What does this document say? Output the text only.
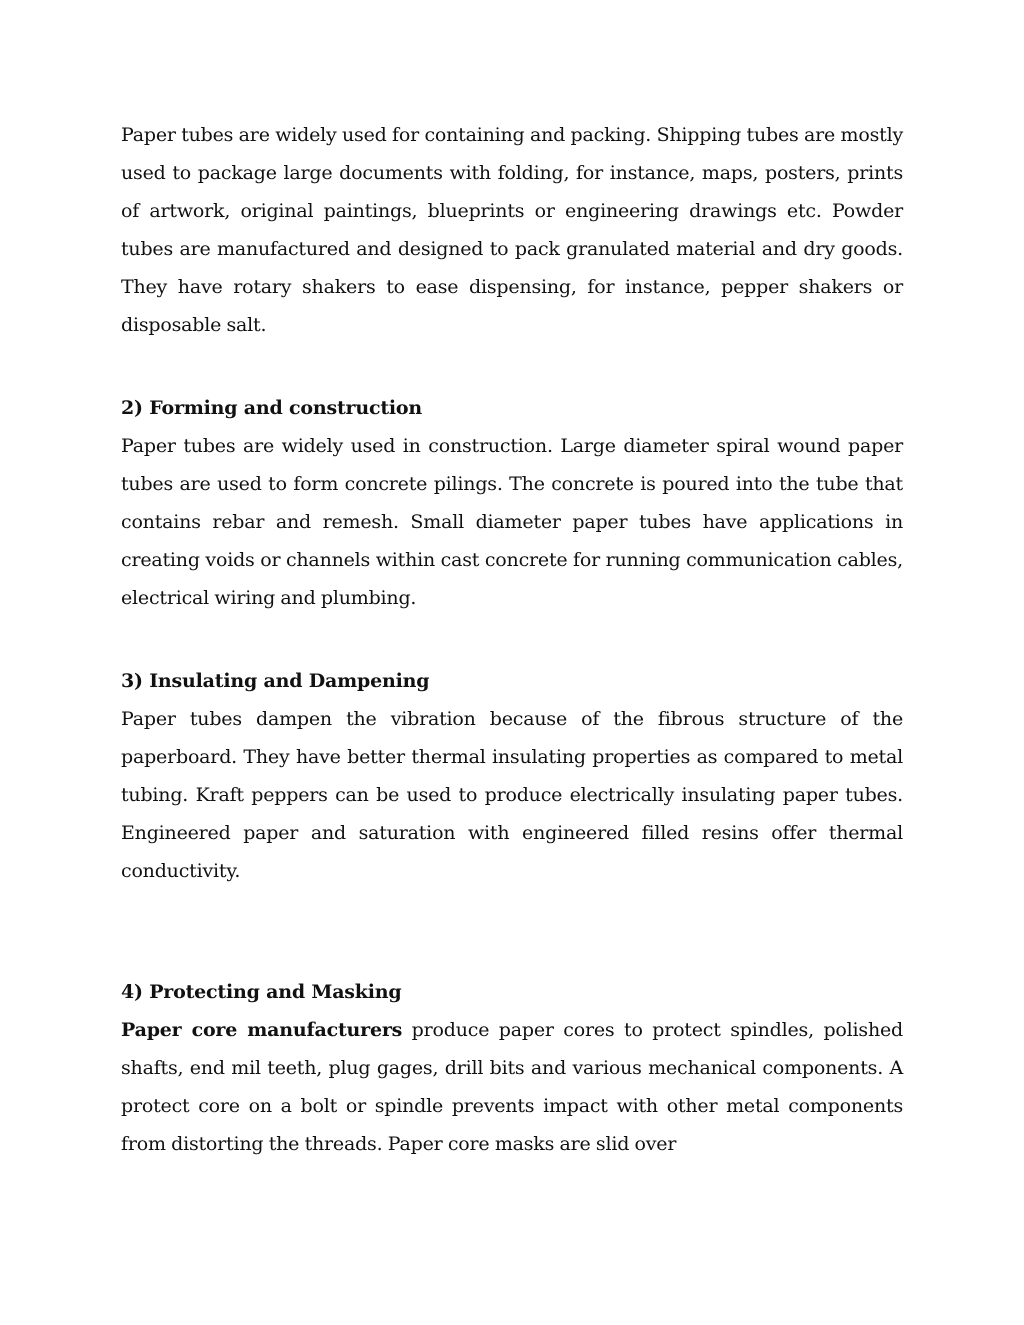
Paper tubes are widely used for containing and packing. Shipping tubes are mostly used to package large documents with folding, for instance, maps, posters, prints of artwork, original paintings, blueprints or engineering drawings etc. Powder tubes are manufactured and designed to pack granulated material and dry goods. They have rotary shakers to ease dispensing, for instance, pepper shakers or disposable salt.

2) Forming and construction

Paper tubes are widely used in construction. Large diameter spiral wound paper tubes are used to form concrete pilings. The concrete is poured into the tube that contains rebar and remesh. Small diameter paper tubes have applications in creating voids or channels within cast concrete for running communication cables, electrical wiring and plumbing.

3) Insulating and Dampening

Paper tubes dampen the vibration because of the fibrous structure of the paperboard. They have better thermal insulating properties as compared to metal tubing. Kraft peppers can be used to produce electrically insulating paper tubes. Engineered paper and saturation with engineered filled resins offer thermal conductivity.

4) Protecting and Masking

Paper core manufacturers produce paper cores to protect spindles, polished shafts, end mil teeth, plug gages, drill bits and various mechanical components. A protect core on a bolt or spindle prevents impact with other metal components from distorting the threads. Paper core masks are slid over
